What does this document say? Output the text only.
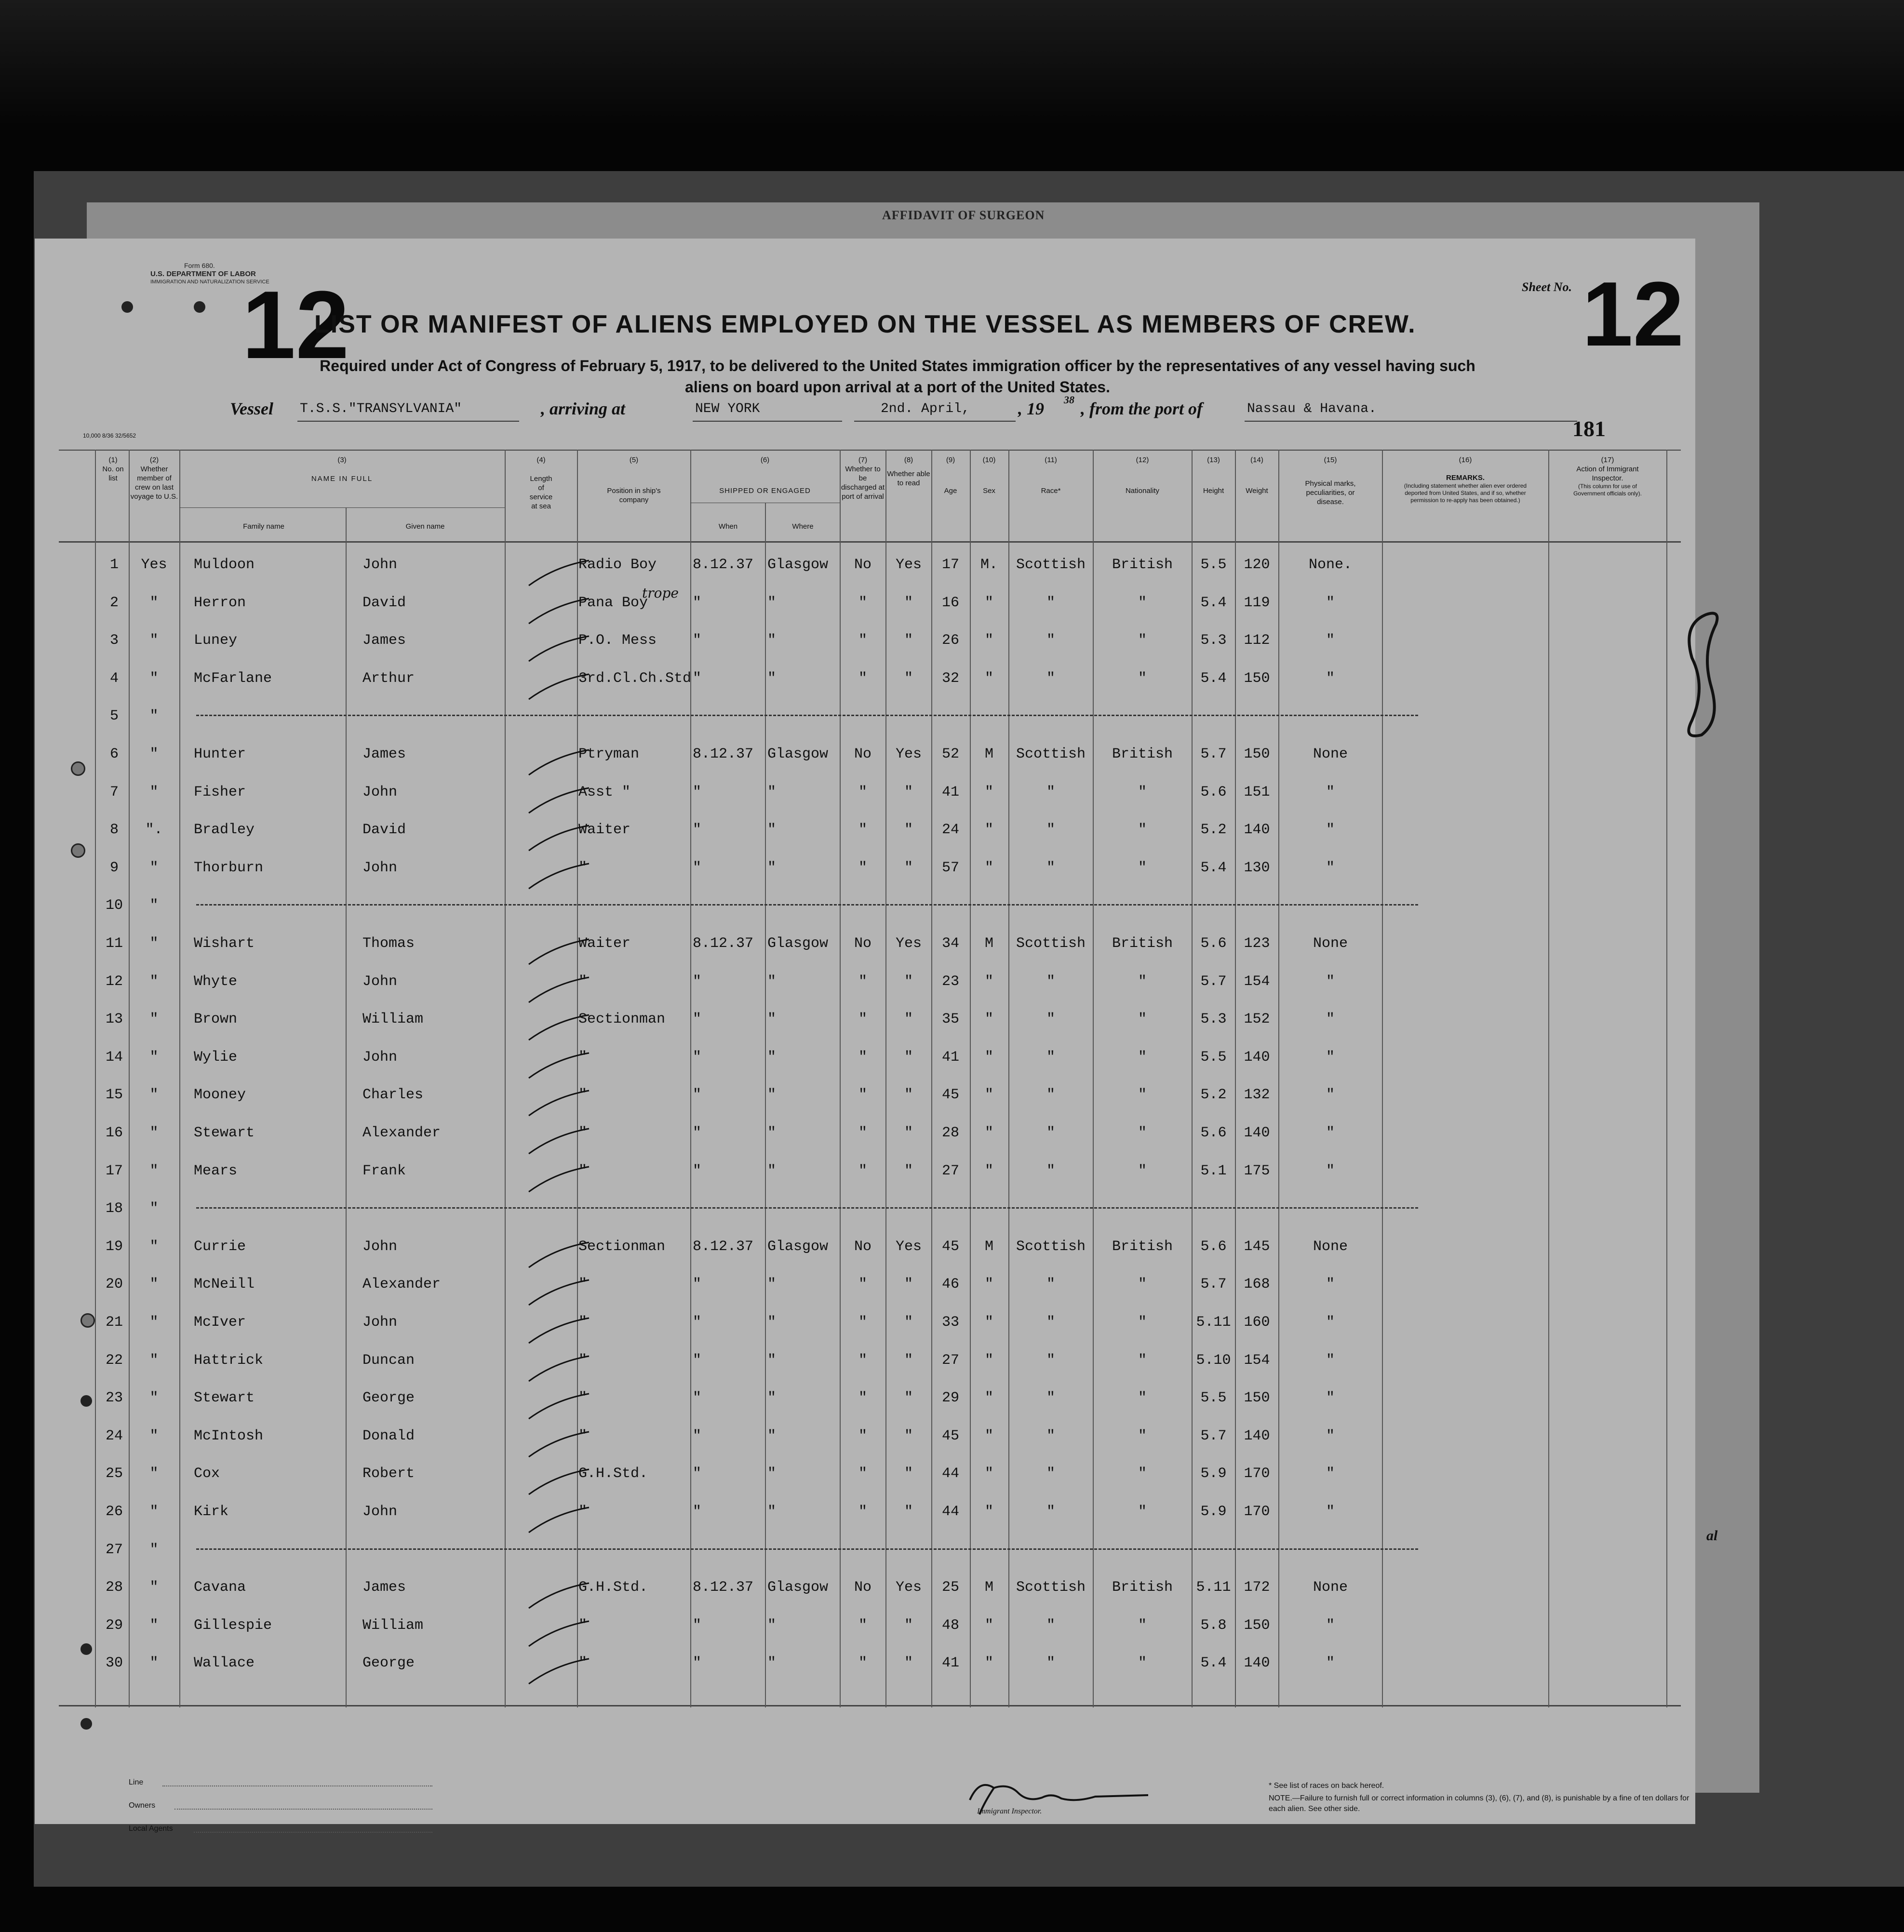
AFFIDAVIT OF SURGEON
Form 680.
U.S. DEPARTMENT OF LABOR
IMMIGRATION AND NATURALIZATION SERVICE
12	Sheet No. 12
LIST OR MANIFEST OF ALIENS EMPLOYED ON THE VESSEL AS MEMBERS OF CREW.
Required under Act of Congress of February 5, 1917, to be delivered to the United States immigration officer by the representatives of any vessel having such
aliens on board upon arrival at a port of the United States.
Vessel T.S.S."TRANSYLVANIA"	, arriving at	NEW YORK	2nd. April,	, 19 38 , from the port of	Nassau & Havana.
181
10,000 8/36 32/5652
(1)
No. on list
(2)
Whether member of crew on last voyage to U.S.
(3)
NAME IN FULL
Family name	Given name
(4)
Length of service at sea
(5)
Position in ship's company
(6)
SHIPPED OR ENGAGED
When	Where
(7)
Whether to be discharged at port of arrival
(8)
Whether able to read
(9)
Age
(10)
Sex
(11)
Race*
(12)
Nationality
(13)
Height
(14)
Weight
(15)
Physical marks, peculiarities, or disease.
(16)
REMARKS.
(Including statement whether alien ever ordered deported from United States, and if so, whether permission to re-apply has been obtained.)
(17)
Action of Immigrant Inspector.
(This column for use of Government officials only).
1	Yes	Muldoon	John	Radio Boy	8.12.37 Glasgow	No	Yes	17	M.	Scottish	British	5.5	120	None.
2	"	Herron	David	Pana Boy	"	"	"	"	16	"	"	"	5.4	119	"
trope
3	"	Luney	James	P.O. Mess	"	"	"	"	26	"	"	"	5.3	112	"
4	"	McFarlane	Arthur	3rd.Cl.Ch.Std "	"	"	"	32	"	"	"	5.4	150	"
5	"
6	"	Hunter	James	Ptryman	8.12.37 Glasgow	No	Yes	52	M	Scottish	British	5.7	150	None
7	"	Fisher	John	Asst "	"	"	"	"	41	"	"	"	5.6	151	"
8	".	Bradley	David	Waiter	"	"	"	"	24	"	"	"	5.2	140	"
9	"	Thorburn	John	"	"	"	"	"	57	"	"	"	5.4	130	"
10	"
11	"	Wishart	Thomas	Waiter	8.12.37 Glasgow	No	Yes	34	M	Scottish	British	5.6	123	None
12	"	Whyte	John	"	"	"	"	"	23	"	"	"	5.7	154	"
13	"	Brown	William	Sectionman	"	"	"	"	35	"	"	"	5.3	152	"
14	"	Wylie	John	"	"	"	"	"	41	"	"	"	5.5	140	"
15	"	Mooney	Charles	"	"	"	"	"	45	"	"	"	5.2	132	"
16	"	Stewart	Alexander	"	"	"	"	"	28	"	"	"	5.6	140	"
17	"	Mears	Frank	"	"	"	"	"	27	"	"	"	5.1	175	"
18	"
19	"	Currie	John	Sectionman	8.12.37 Glasgow	No	Yes	45	M	Scottish	British	5.6	145	None
20	"	McNeill	Alexander	"	"	"	"	"	46	"	"	"	5.7	168	"
21	"	McIver	John	"	"	"	"	"	33	"	"	"	5.11 160	"
22	"	Hattrick	Duncan	"	"	"	"	"	27	"	"	"	5.10 154	"
23	"	Stewart	George	"	"	"	"	"	29	"	"	"	5.5	150	"
24	"	McIntosh	Donald	"	"	"	"	"	45	"	"	"	5.7	140	"
25	"	Cox	Robert	G.H.Std.	"	"	"	"	44	"	"	"	5.9	170	"
26	"	Kirk	John	"	"	"	"	"	44	"	"	"	5.9	170	"
27	"
28	"	Cavana	James	G.H.Std.	8.12.37 Glasgow	No	Yes	25	M	Scottish	British	5.11 172	None
29	"	Gillespie	William	"	"	"	"	"	48	"	"	"	5.8	150	"
30	"	Wallace	George	"	"	"	"	"	41	"	"	"	5.4	140	"
Line
Owners
Local Agents
Immigrant Inspector.
* See list of races on back hereof.
NOTE.—Failure to furnish full or correct information in columns (3), (6), (7), and (8), is punishable by a fine of ten dollars for each alien. See other side.
al
